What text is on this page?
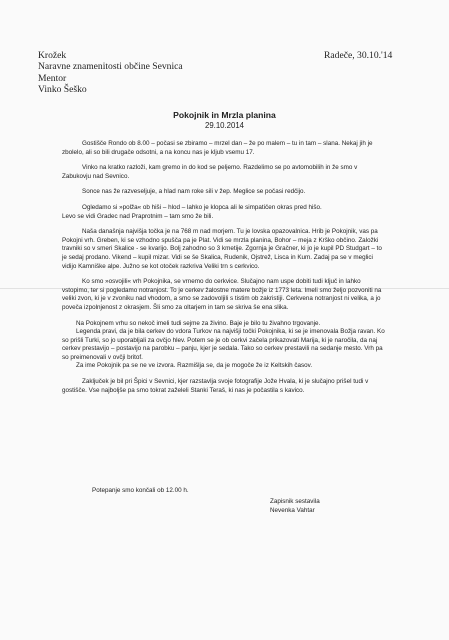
Krožek
Naravne znamenitosti občine Sevnica
Mentor
Vinko Šeško
Radeče, 30.10.'14
Pokojnik in Mrzla planina
29.10.2014

Gostišče Rondo ob 8.00 – počasi se zbiramo – mrzel dan – že po malem – tu in tam – slana. Nekaj jih je zbolelo, ali so bili drugače odsotni, a na koncu nas je kljub vsemu 17.

Vinko na kratko razloži, kam gremo in do kod se peljemo. Razdelimo se po avtomobilih in že smo v Zabukovju nad Sevnico.

Sonce nas že razveseljuje, a hlad nam roke sili v žep. Meglice se počasi redčijo.

Ogledamo si »polža« ob hiši – hlod – lahko je klopca ali le simpatičen okras pred hišo.

Levo se vidi Gradec nad Praprotnim – tam smo že bili.

Naša današnja najvišja točka je na 768 m nad morjem. Tu je lovska opazovalnica. Hrib je Pokojnik, vas pa Pokojni vrh. Greben, ki se vzhodno spušča pa je Plat. Vidi se mrzla planina, Bohor – meja z Krško občino. Založki travniki so v smeri Skalice - se kvarijo. Bolj zahodno so 3 kmetije. Zgornja je Gračner, ki jo je kupil PD Studgart – to je sedaj prodano. Vikend – kupil mizar. Vidi se še Skalica, Rudenik, Ojstrež, Lisca in Kum. Zadaj pa se v meglici vidijo Kamniške alpe. Južno se kot otoček razkriva Veliki trn s cerkvico.

Ko smo »osvojili« vrh Pokojnika, se vrnemo do cerkvice. Slučajno nam uspe dobiti tudi ključ in lahko vstopimo, ter si pogledamo notranjost. To je cerkev žalostne matere božje iz 1773 leta. Imeli smo željo pozvoniti na veliki zvon, ki je v zvoniku nad vhodom, a smo se zadovoljili s tistim ob zakristiji. Cerkvena notranjost ni velika, a jo poveča izpolnjenost z okrasjem. Šli smo za oltarjem in tam se skriva še ena slika.

Na Pokojnem vrhu so nekoč imeli tudi sejme za živino. Baje je bilo tu živahno trgovanje.

Legenda pravi, da je bila cerkev do vdora Turkov na najvišji točki Pokojnika, ki se je imenovala Božja ravan. Ko so prišli Turki, so jo uporabljali za ovčjo hlev. Potem se je ob cerkvi začela prikazovati Marija, ki je naročila, da naj cerkev prestavijo – postavijo na parobku – panju, kjer je sedala. Tako so cerkev prestavili na sedanje mesto. Vrh pa so preimenovali v ovčji britof.

Za ime Pokojnik pa se ne ve izvora. Razmišlja se, da je mogoče že iz Keltskih časov.

Zaključek je bil pri Špici v Sevnici, kjer razstavlja svoje fotografije Jože Hvala, ki je slučajno prišel tudi v gostišče. Vse najboljše pa smo tokrat zaželeli Stanki Teraš, ki nas je počastila s kavico.

Potepanje smo končali ob 12.00 h.
Zapisnik sestavila
Nevenka Vahtar
